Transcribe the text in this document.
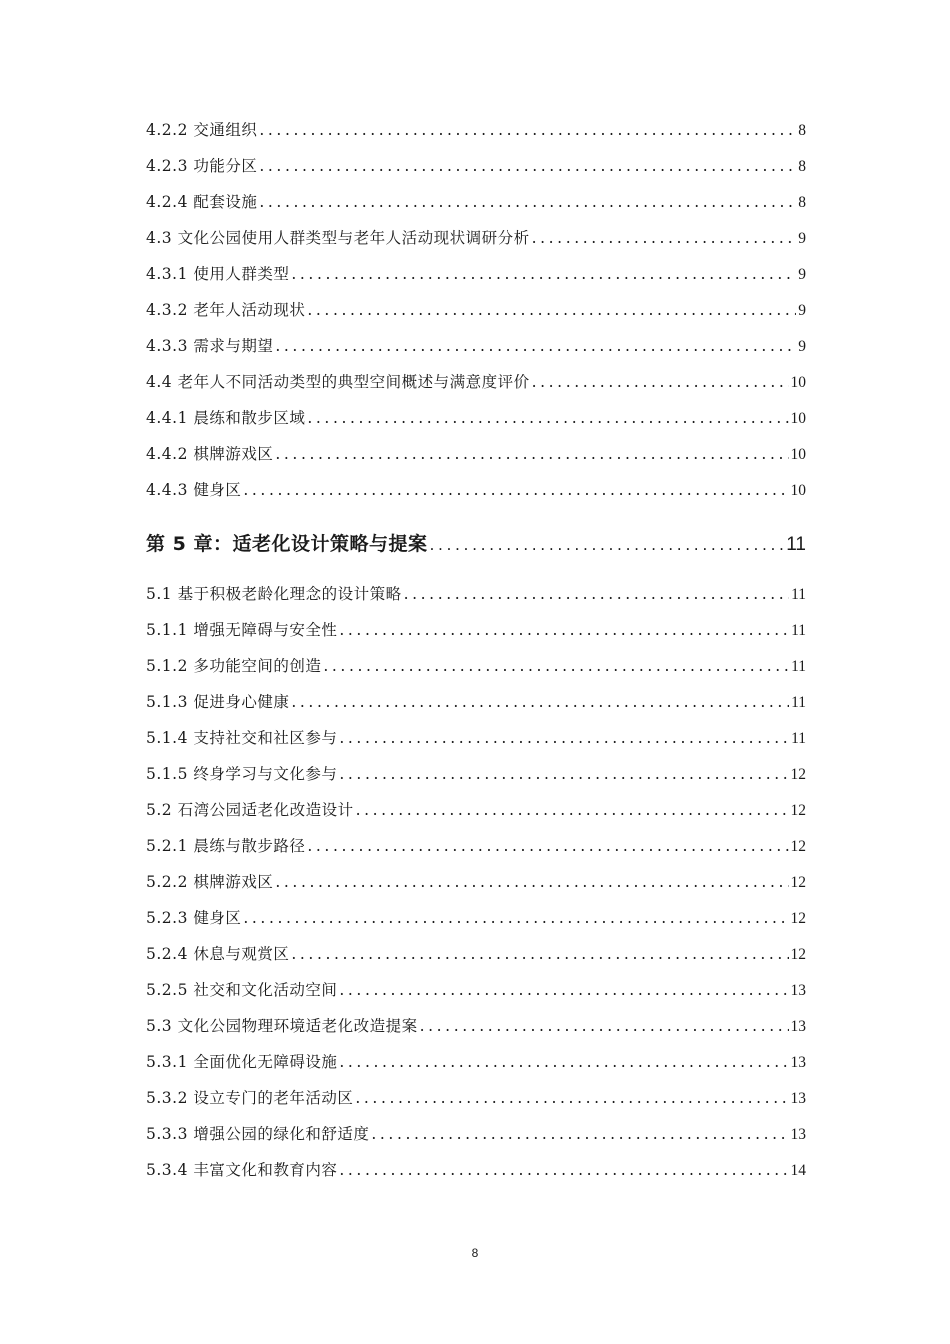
4.2.2 交通组织 .....	8
4.2.3 功能分区 .....	8
4.2.4 配套设施 .....	8
4.3 文化公园使用人群类型与老年人活动现状调研分析 .....	9
4.3.1 使用人群类型 .....	9
4.3.2 老年人活动现状 .....	9
4.3.3 需求与期望 .....	9
4.4 老年人不同活动类型的典型空间概述与满意度评价 .....	10
4.4.1 晨练和散步区域 .....	10
4.4.2 棋牌游戏区 .....	10
4.4.3 健身区 .....	10
第 5 章：适老化设计策略与提案 .....	11
5.1 基于积极老龄化理念的设计策略 .....	11
5.1.1 增强无障碍与安全性 .....	11
5.1.2 多功能空间的创造 .....	11
5.1.3 促进身心健康 .....	11
5.1.4 支持社交和社区参与 .....	11
5.1.5 终身学习与文化参与 .....	12
5.2 石湾公园适老化改造设计 .....	12
5.2.1 晨练与散步路径 .....	12
5.2.2 棋牌游戏区 .....	12
5.2.3 健身区 .....	12
5.2.4 休息与观赏区 .....	12
5.2.5 社交和文化活动空间 .....	13
5.3 文化公园物理环境适老化改造提案 .....	13
5.3.1 全面优化无障碍设施 .....	13
5.3.2 设立专门的老年活动区 .....	13
5.3.3 增强公园的绿化和舒适度 .....	13
5.3.4 丰富文化和教育内容 .....	14
8
